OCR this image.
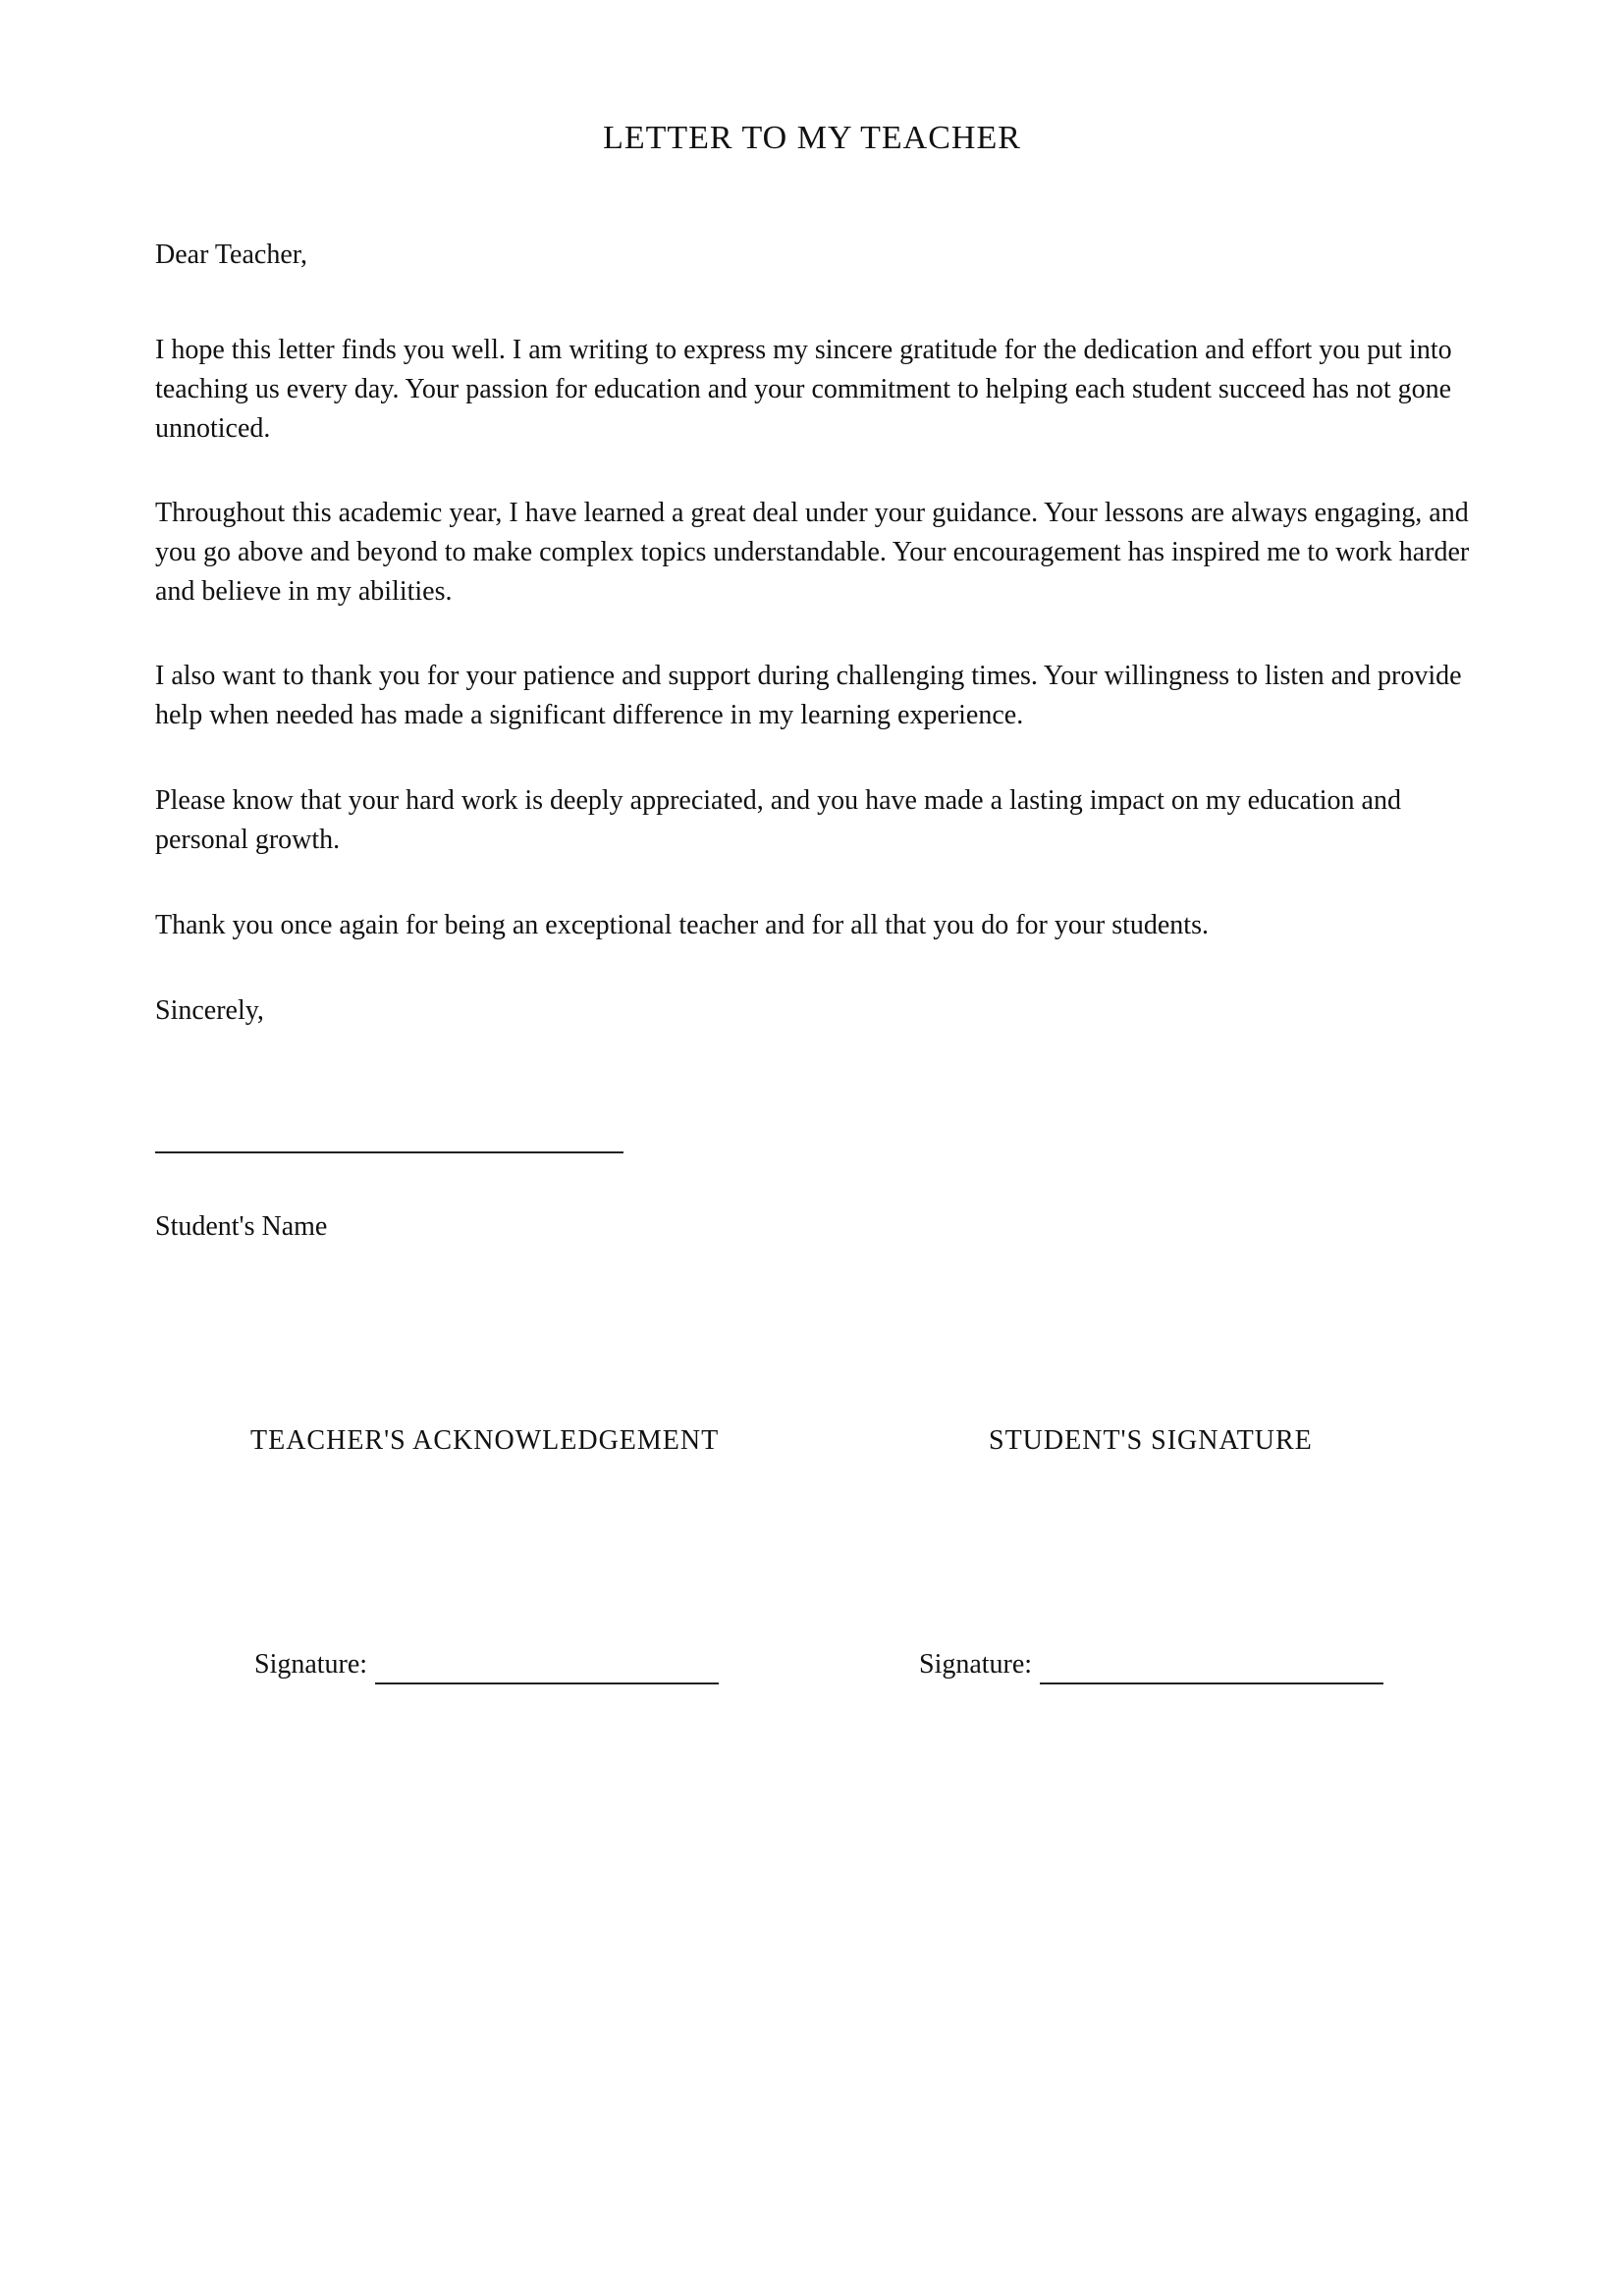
LETTER TO MY TEACHER

Dear Teacher,

I hope this letter finds you well. I am writing to express my sincere gratitude for the dedication and effort you put into teaching us every day. Your passion for education and your commitment to helping each student succeed has not gone unnoticed.

Throughout this academic year, I have learned a great deal under your guidance. Your lessons are always engaging, and you go above and beyond to make complex topics understandable. Your encouragement has inspired me to work harder and believe in my abilities.

I also want to thank you for your patience and support during challenging times. Your willingness to listen and provide help when needed has made a significant difference in my learning experience.

Please know that your hard work is deeply appreciated, and you have made a lasting impact on my education and personal growth.

Thank you once again for being an exceptional teacher and for all that you do for your students.

Sincerely,

Student's Name

TEACHER'S ACKNOWLEDGEMENT	STUDENT'S SIGNATURE
Signature:	Signature:
